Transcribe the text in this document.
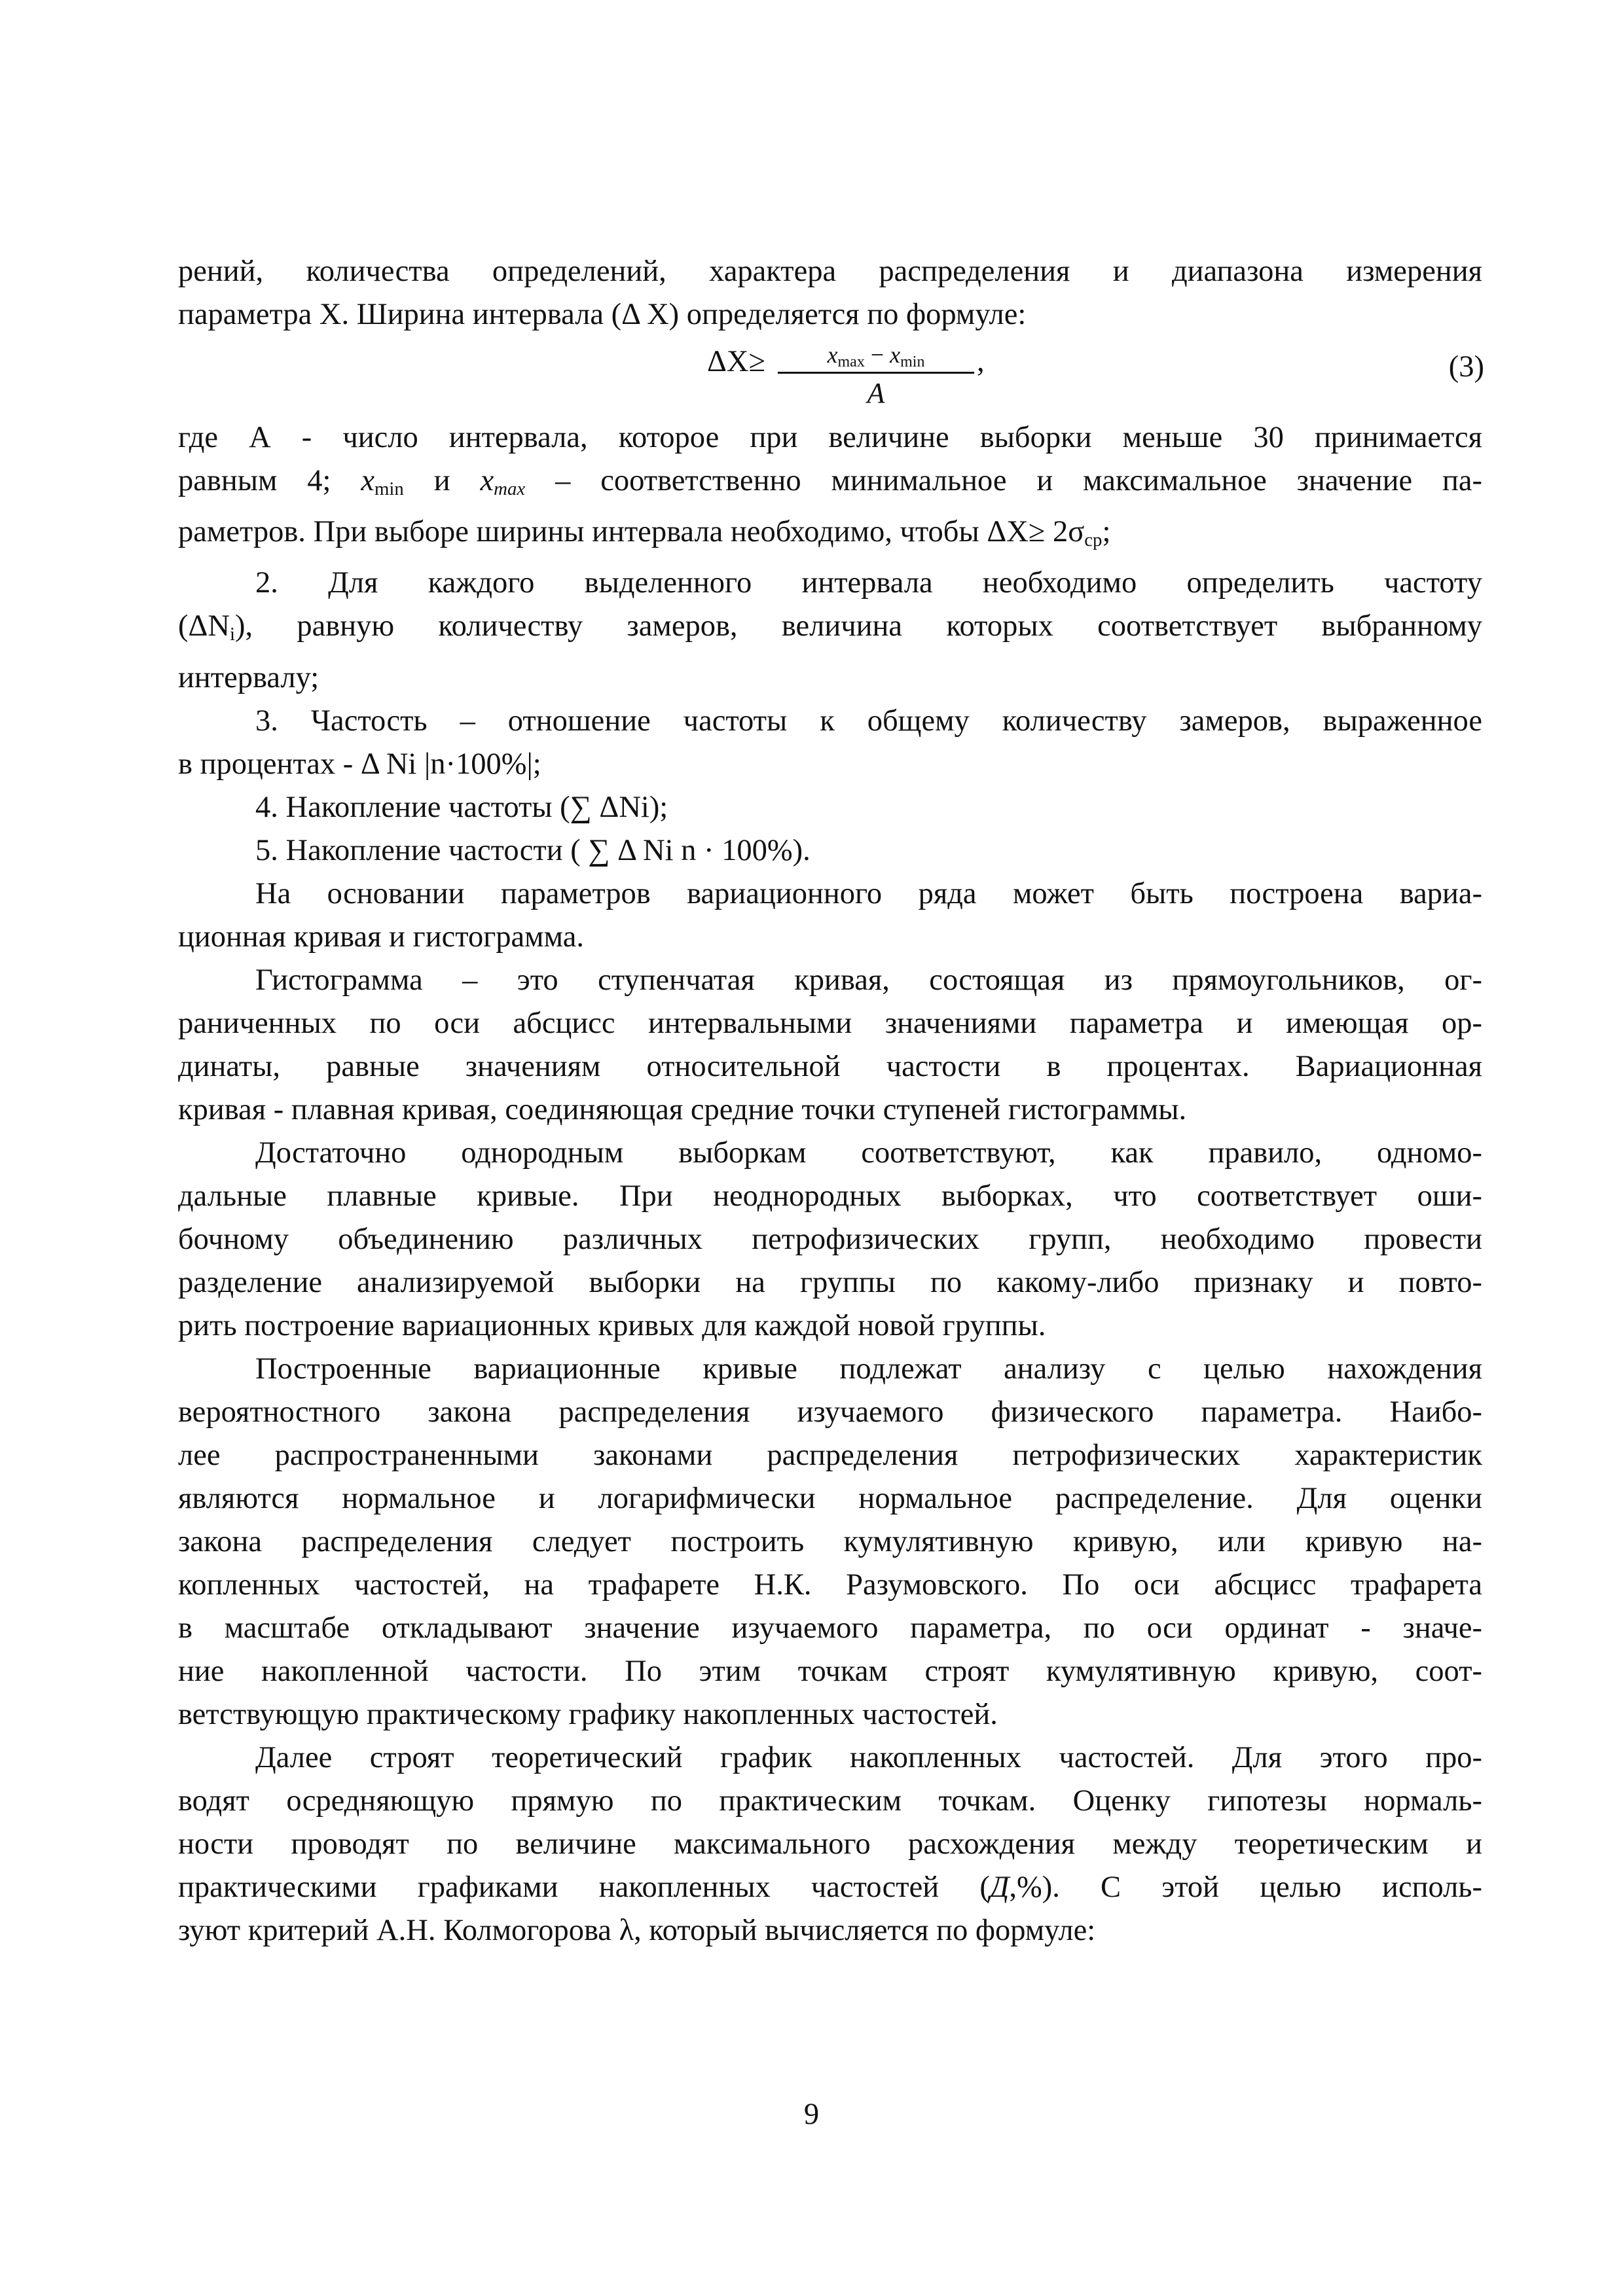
рений, количества определений, характера распределения и диапазона измерения
параметра X. Ширина интервала (Δ X) определяется по формуле:
ΔX≥	$x_{max} - x_{min}$
A
,	(3)
где А - число интервала, которое при величине выборки меньше 30 принимается
равным 4; $x_{min}$ и $x_{max}$ – соответственно минимальное и максимальное значение па-
раметров. При выборе ширины интервала необходимо, чтобы $\Delta X\ge 2\sigma_{ср}$;
2. Для каждого выделенного интервала необходимо определить частоту
$(\Delta N_i)$, равную количеству замеров, величина которых соответствует выбранному
интервалу;
3. Частость – отношение частоты к общему количеству замеров, выраженное
в процентах - Δ Ni |n·100%|;
4. Накопление частоты (∑ ΔNi);
5. Накопление частости ( ∑ Δ Ni n · 100%).
На основании параметров вариационного ряда может быть построена вариа-
ционная кривая и гистограмма.
Гистограмма – это ступенчатая кривая, состоящая из прямоугольников, ог-
раниченных по оси абсцисс интервальными значениями параметра и имеющая ор-
динаты, равные значениям относительной частости в процентах. Вариационная
кривая - плавная кривая, соединяющая средние точки ступеней гистограммы.
Достаточно однородным выборкам соответствуют, как правило, одномо-
дальные плавные кривые. При неоднородных выборках, что соответствует оши-
бочному объединению различных петрофизических групп, необходимо провести
разделение анализируемой выборки на группы по какому-либо признаку и повто-
рить построение вариационных кривых для каждой новой группы.
Построенные вариационные кривые подлежат анализу с целью нахождения
вероятностного закона распределения изучаемого физического параметра. Наибо-
лее распространенными законами распределения петрофизических характеристик
являются нормальное и логарифмически нормальное распределение. Для оценки
закона распределения следует построить кумулятивную кривую, или кривую на-
копленных частостей, на трафарете Н.К. Разумовского. По оси абсцисс трафарета
в масштабе откладывают значение изучаемого параметра, по оси ординат - значе-
ние накопленной частости. По этим точкам строят кумулятивную кривую, соот-
ветствующую практическому графику накопленных частостей.
Далее строят теоретический график накопленных частостей. Для этого про-
водят осредняющую прямую по практическим точкам. Оценку гипотезы нормаль-
ности проводят по величине максимального расхождения между теоретическим и
практическими графиками накопленных частостей (Д,%). С этой целью исполь-
зуют критерий А.Н. Колмогорова λ, который вычисляется по формуле:
9
